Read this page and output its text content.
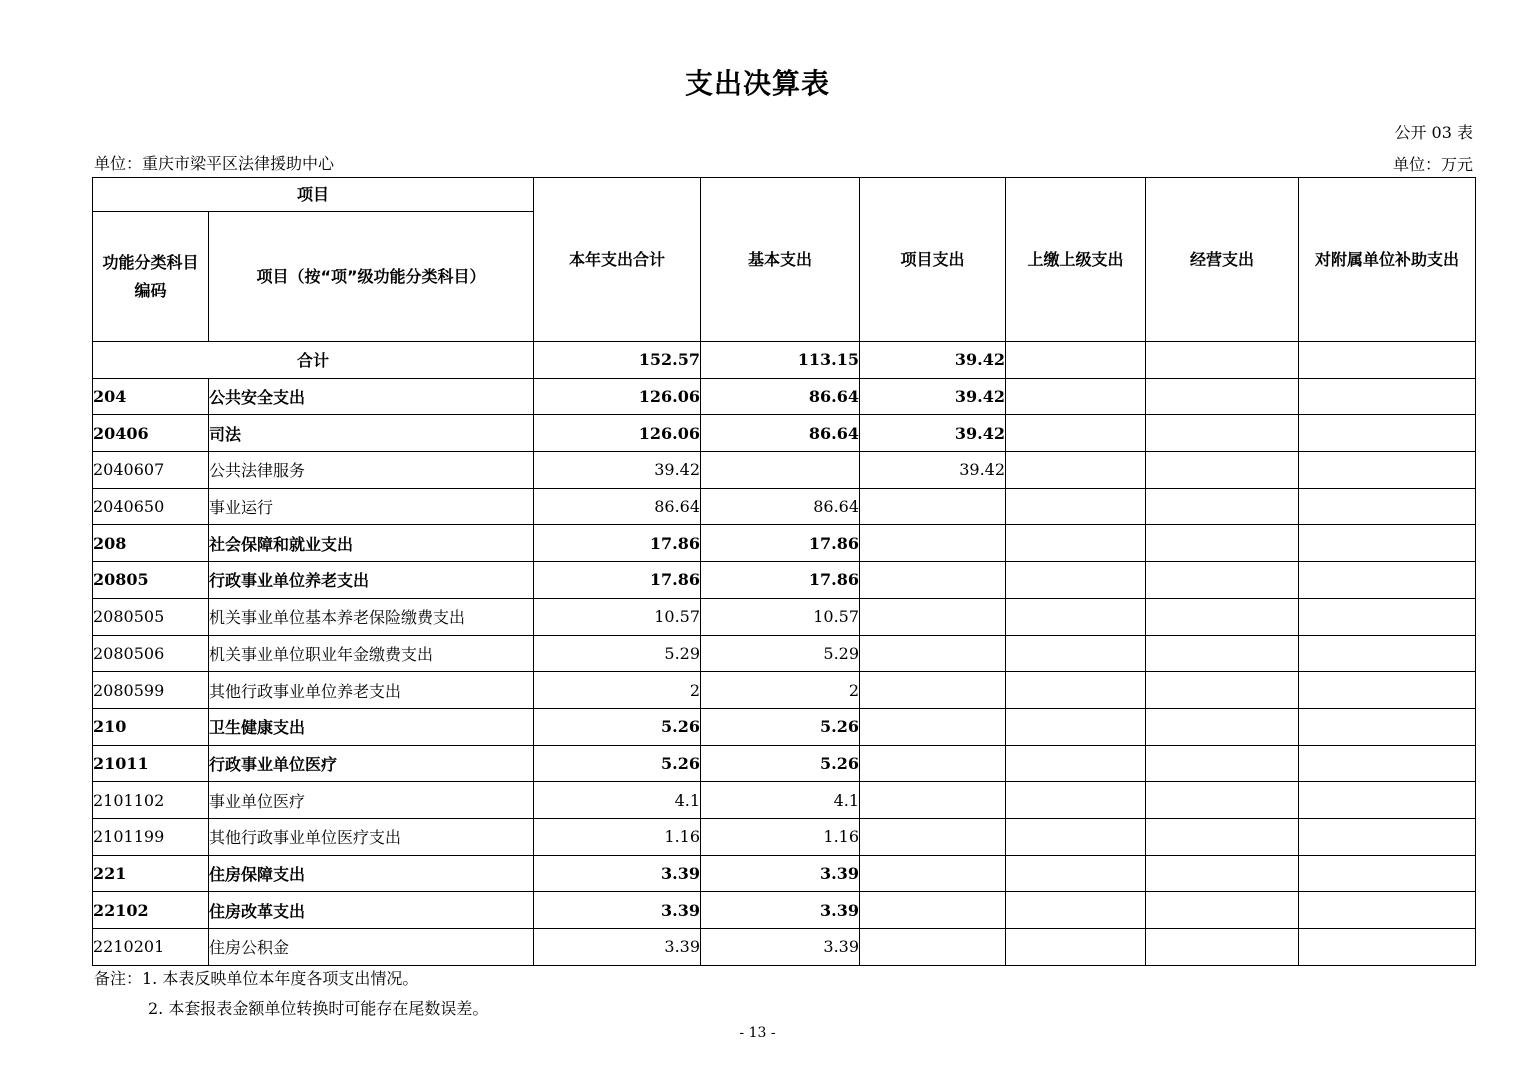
支出决算表
公开 03 表
单位：重庆市梁平区法律援助中心	单位：万元
项目		本年支出合计	基本支出	项目支出	上缴上级支出	经营支出	对附属单位补助支出
功能分类科目编码	项目（按“项”级功能分类科目）						
合计		152.57	113.15	39.42			
204	公共安全支出	126.06	86.64	39.42			
20406	司法	126.06	86.64	39.42			
2040607	公共法律服务	39.42		39.42			
2040650	事业运行	86.64	86.64				
208	社会保障和就业支出	17.86	17.86				
20805	行政事业单位养老支出	17.86	17.86				
2080505	机关事业单位基本养老保险缴费支出	10.57	10.57				
2080506	机关事业单位职业年金缴费支出	5.29	5.29				
2080599	其他行政事业单位养老支出	2	2				
210	卫生健康支出	5.26	5.26				
21011	行政事业单位医疗	5.26	5.26				
2101102	事业单位医疗	4.1	4.1				
2101199	其他行政事业单位医疗支出	1.16	1.16				
221	住房保障支出	3.39	3.39				
22102	住房改革支出	3.39	3.39				
2210201	住房公积金	3.39	3.39				
备注：1. 本表反映单位本年度各项支出情况。
2. 本套报表金额单位转换时可能存在尾数误差。
- 13 -
